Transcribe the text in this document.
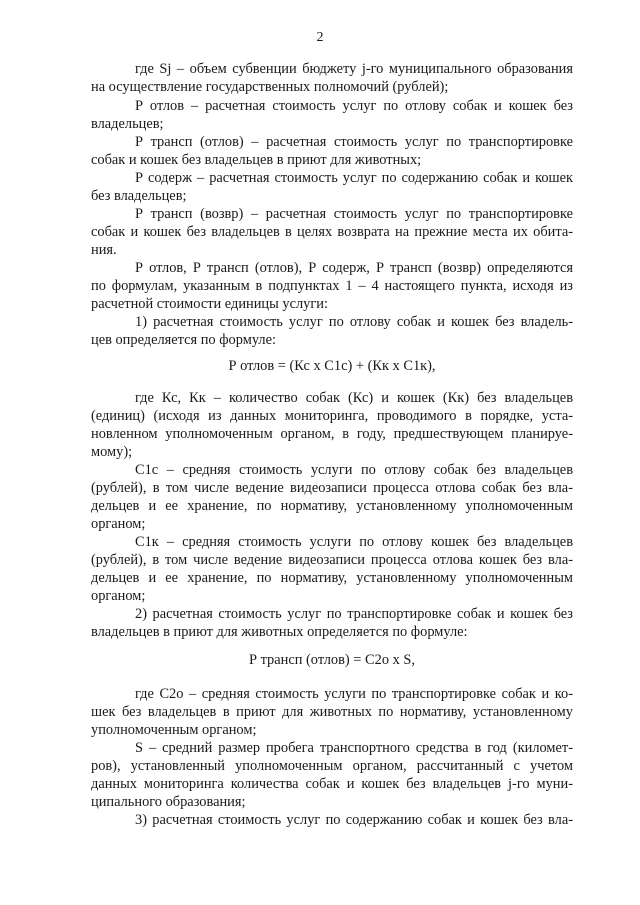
2
где Sj – объем субвенции бюджету j-го муниципального образования
на осуществление государственных полномочий (рублей);
Р отлов – расчетная стоимость услуг по отлову собак и кошек без
владельцев;
Р трансп (отлов) – расчетная стоимость услуг по транспортировке
собак и кошек без владельцев в приют для животных;
Р содерж – расчетная стоимость услуг по содержанию собак и кошек
без владельцев;
Р трансп (возвр) – расчетная стоимость услуг по транспортировке
собак и кошек без владельцев в целях возврата на прежние места их обита-
ния.
Р отлов, Р трансп (отлов), Р содерж, Р трансп (возвр) определяются
по формулам, указанным в подпунктах 1 – 4 настоящего пункта, исходя из
расчетной стоимости единицы услуги:
1) расчетная стоимость услуг по отлову собак и кошек без владель-
цев определяется по формуле:
Р отлов = (Кс х С1с) + (Кк х С1к),
где Кс, Кк – количество собак (Кс) и кошек (Кк) без владельцев
(единиц) (исходя из данных мониторинга, проводимого в порядке, уста-
новленном уполномоченным органом, в году, предшествующем планируе-
мому);
С1с – средняя стоимость услуги по отлову собак без владельцев
(рублей), в том числе ведение видеозаписи процесса отлова собак без вла-
дельцев и ее хранение, по нормативу, установленному уполномоченным
органом;
С1к – средняя стоимость услуги по отлову кошек без владельцев
(рублей), в том числе ведение видеозаписи процесса отлова кошек без вла-
дельцев и ее хранение, по нормативу, установленному уполномоченным
органом;
2) расчетная стоимость услуг по транспортировке собак и кошек без
владельцев в приют для животных определяется по формуле:
Р трансп (отлов) = С2о х S,
где С2о – средняя стоимость услуги по транспортировке собак и ко-
шек без владельцев в приют для животных по нормативу, установленному
уполномоченным органом;
S – средний размер пробега транспортного средства в год (километ-
ров), установленный уполномоченным органом, рассчитанный с учетом
данных мониторинга количества собак и кошек без владельцев j-го муни-
ципального образования;
3) расчетная стоимость услуг по содержанию собак и кошек без вла-
